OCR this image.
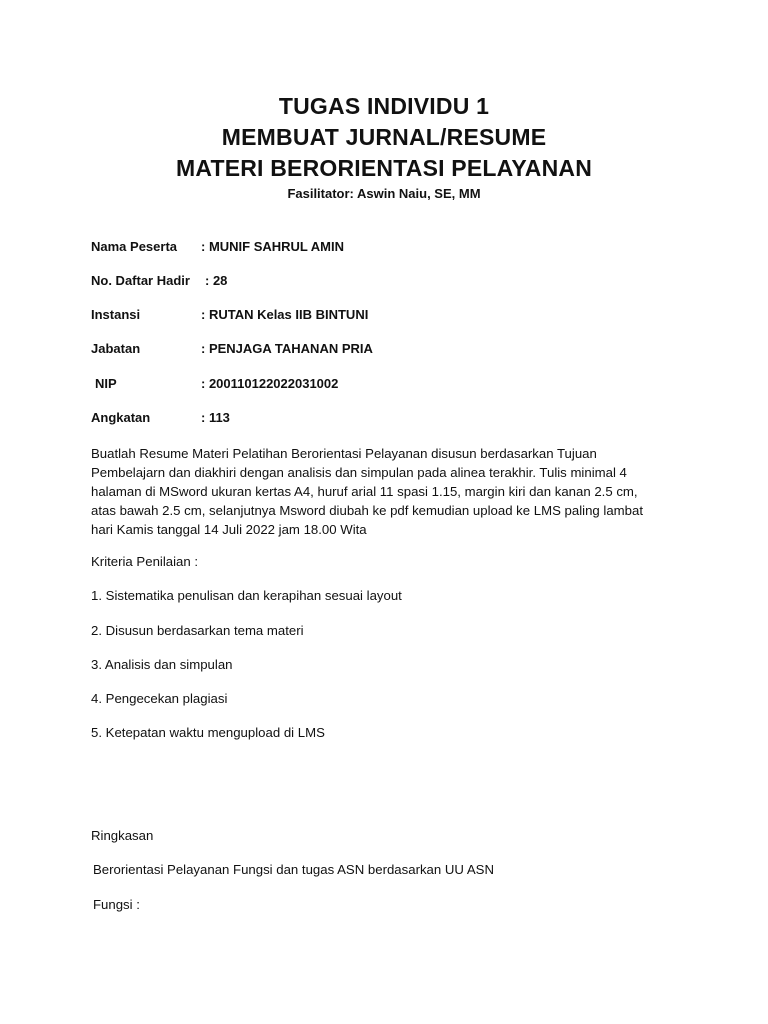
TUGAS INDIVIDU 1
MEMBUAT JURNAL/RESUME
MATERI BERORIENTASI PELAYANAN
Fasilitator: Aswin Naiu, SE, MM
Nama Peserta : MUNIF SAHRUL AMIN
No. Daftar Hadir : 28
Instansi	: RUTAN Kelas IIB BINTUNI
Jabatan	: PENJAGA TAHANAN PRIA
NIP	: 200110122022031002
Angkatan	: 113
Buatlah Resume Materi Pelatihan Berorientasi Pelayanan disusun berdasarkan Tujuan
Pembelajarn dan diakhiri dengan analisis dan simpulan pada alinea terakhir. Tulis minimal 4
halaman di MSword ukuran kertas A4, huruf arial 11 spasi 1.15, margin kiri dan kanan 2.5 cm,
atas bawah 2.5 cm, selanjutnya Msword diubah ke pdf kemudian upload ke LMS paling lambat
hari Kamis tanggal 14 Juli 2022 jam 18.00 Wita
Kriteria Penilaian :
1. Sistematika penulisan dan kerapihan sesuai layout
2. Disusun berdasarkan tema materi
3. Analisis dan simpulan
4. Pengecekan plagiasi
5. Ketepatan waktu mengupload di LMS
Ringkasan
Berorientasi Pelayanan Fungsi dan tugas ASN berdasarkan UU ASN
Fungsi :
